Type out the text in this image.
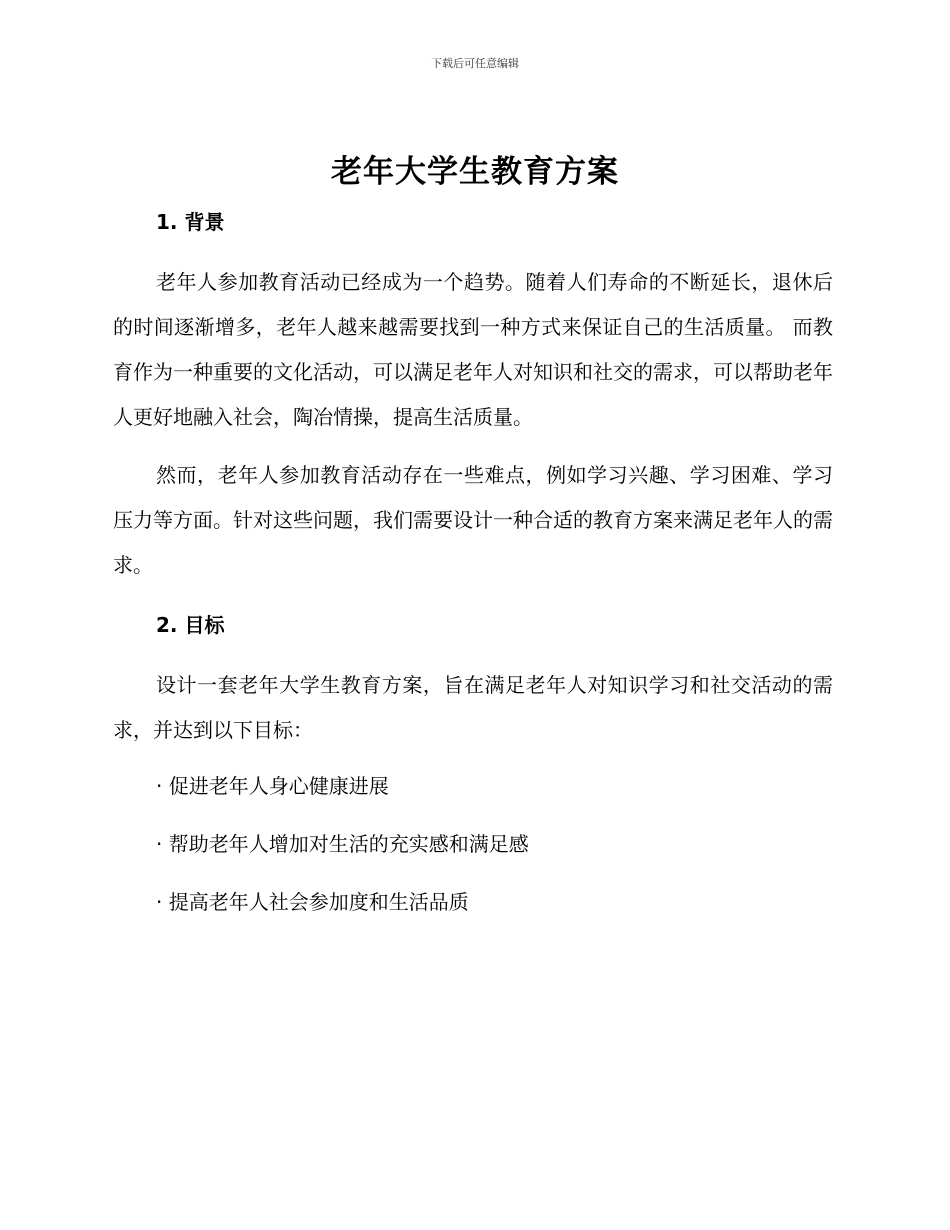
下载后可任意编辑

老年大学生教育方案
1. 背景

老年人参加教育活动已经成为一个趋势。随着人们寿命的不断延长，退休后的时间逐渐增多，老年人越来越需要找到一种方式来保证自己的生活质量。 而教育作为一种重要的文化活动，可以满足老年人对知识和社交的需求，可以帮助老年人更好地融入社会，陶冶情操，提高生活质量。

然而，老年人参加教育活动存在一些难点，例如学习兴趣、学习困难、学习压力等方面。针对这些问题，我们需要设计一种合适的教育方案来满足老年人的需求。

2. 目标

设计一套老年大学生教育方案，旨在满足老年人对知识学习和社交活动的需求，并达到以下目标：

· 促进老年人身心健康进展

· 帮助老年人增加对生活的充实感和满足感

· 提高老年人社会参加度和生活品质
